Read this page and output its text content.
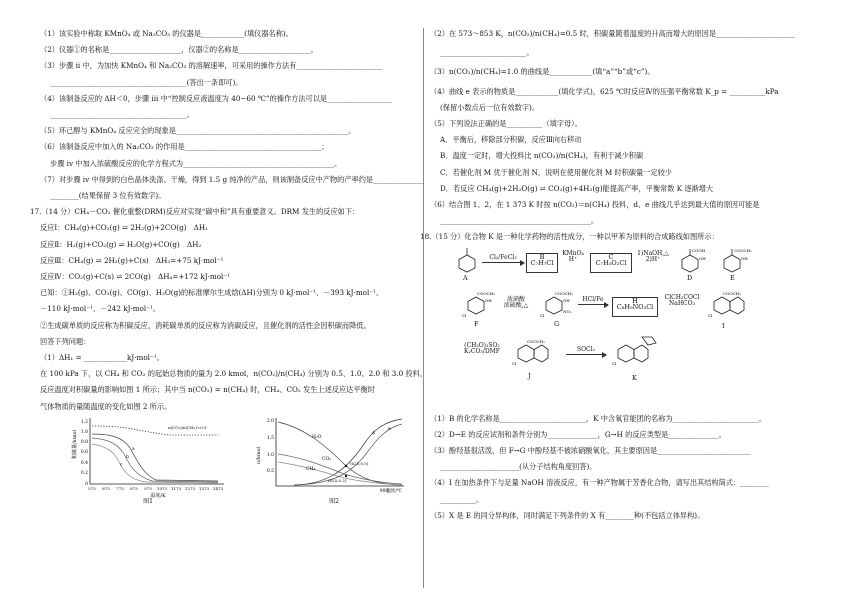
（1）该实验中称取 KMnO₄ 或 Na₂CO₃ 的仪器是____________(填仪器名称)。
（2）仪器①的名称是____________________，仪器②的名称是____________________。
（3）步骤 ii 中，为加快 KMnO₄ 和 Na₂CO₃ 的溶解速率，可采用的操作方法有________________________
______________________________________(答出一条即可)。
（4）该制备反应的 ΔH＜0，步骤 iii 中“控制反应液温度为 40~60 ℃”的操作方法可以是__________________
______________________________________。
（5）环己醇与 KMnO₄ 反应完全的现象是________________________________________________。
（6）该制备反应中加入的 Na₂CO₃ 的作用是______________________________________；
步骤 iv 中加入浓硫酸反应的化学方程式为__________________________________________。
（7）对步骤 iv 中得到的白色晶体洗涤、干燥，得到 1.5 g 纯净的产品，则该制备反应中产物的产率约是______________
________(结果保留 3 位有效数字)。
17.（14 分）CH₄－CO₂ 催化重整(DRM)反应对实现“碳中和”具有重要意义。DRM 发生的反应如下：
反应Ⅰ：CH₄(g)+CO₂(g) ⇌ 2H₂(g)+2CO(g)　ΔH₁
反应Ⅱ：H₂(g)+CO₂(g) ⇌ H₂O(g)+CO(g)　ΔH₂
反应Ⅲ：CH₄(g) ⇌ 2H₂(g)+C(s)　ΔH₃=+75 kJ·mol⁻¹
反应Ⅳ：CO₂(g)+C(s) ⇌ 2CO(g)　ΔH₄=+172 kJ·mol⁻¹
已知：①H₂(g)、CO₂(g)、CO(g)、H₂O(g)的标准摩尔生成焓(ΔH)分别为 0 kJ·mol⁻¹、－393 kJ·mol⁻¹、
－110 kJ·mol⁻¹、－242 kJ·mol⁻¹。
②生成碳单质的反应称为积碳反应，消耗碳单质的反应称为消碳反应，且催化剂的活性会因积碳而降低。
回答下列问题：
（1）ΔH₁ = ____________kJ·mol⁻¹。
在 100 kPa 下，以 CH₄ 和 CO₂ 的起始总物质的量为 2.0 kmol，n(CO₂)/n(CH₄) 分别为 0.5、1.0、2.0 和 3.0 投料，
反应温度对积碳量的影响如图 1 所示；其中当 n(CO₂) = n(CH₄) 时，CH₄、CO₂ 发生上述反应达平衡时
气体物质的量随温度的变化如图 2 所示。
积碳量/kmol
1.2
1.0
0.8
0.6
0.4
0.2
0
573 673 773 873 973 1073 1173 1273 1373 1473
温度/K
a
b
c
n(CO₂)/n(CH₄)=0.5
图1
n/kmol
2.0
1.5
1.0
0.5
900
温度/℃
H₂O
CO₂
CH₄
d
e
(625,0.5)
(625,0.2)
图2
（2）在 573～853 K，n(CO₂)/n(CH₄)=0.5 时，积碳量随着温度的升高而增大的原因是______________________
________________________。
（3）n(CO₂)/n(CH₄)=1.0 的曲线是____________(填“a”“b”或“c”)。
（4）曲线 e 表示的物质是____________(填化学式)，625 ℃时反应Ⅳ的压强平衡常数 K_p = __________kPa
(保留小数点后一位有效数字)。
（5）下列说法正确的是__________（填字母）。
A．平衡后，移除部分积碳，反应Ⅲ向右移动
B．温度一定时，增大投料比 n(CO₂)/n(CH₄)，有利于减少积碳
C．若催化剂 M 优于催化剂 N，说明在使用催化剂 M 时积碳量一定较少
D．若反应 CH₄(g)+2H₂O(g) ⇌ CO₂(g)+4H₂(g)能提高产率，平衡常数 K 逐渐增大
（6）结合图 1、2，在 1 373 K 时按 n(CO₂)＝n(CH₄) 投料，d、e 曲线几乎达到最大值的原因可能是
__________________________________________。
18.（15 分）化合物 K 是一种化学药物的活性成分，一种以甲苯为原料的合成路线如图所示：
A
Cl₂/FeCl₃	B
C₇H₇Cl
KMnO₄
H⁺	C
C₇H₅O₂Cl
1)NaOH,△
2)H⁺
COOH
OH
D
COOCH₃
OH
E
COOCH₃
OH
Cl
F
浓硝酸
浓硫酸,△
COOCH₃
OH
NO₂
Cl
G
HCl/Fe	H
C₈H₉NO₃Cl
ClCH₂COCl
NaHCO₃
COOCH₃
Cl
I
(CH₃O)₂SO₂
K₂CO₃/DMF
COOCH₃
Cl
J
SOCl₂
Cl
K
（1）B 的化学名称是________________________，K 中含氧官能团的名称为________________________。
（2）D→E 的反应试剂和条件分别为______________，G→H 的反应类型是______________。
（3）酚羟基很活泼，但 F→G 中酚羟基不被浓硝酸氧化，其主要原因是__________________________
______________________(从分子结构角度回答)。
（4）I 在加热条件下与足量 NaOH 溶液反应，有一种产物属于芳香化合物，请写出其结构简式：________
__________。
（5）X 是 E 的同分异构体，同时满足下列条件的 X 有________种(不包括立体异构)。
